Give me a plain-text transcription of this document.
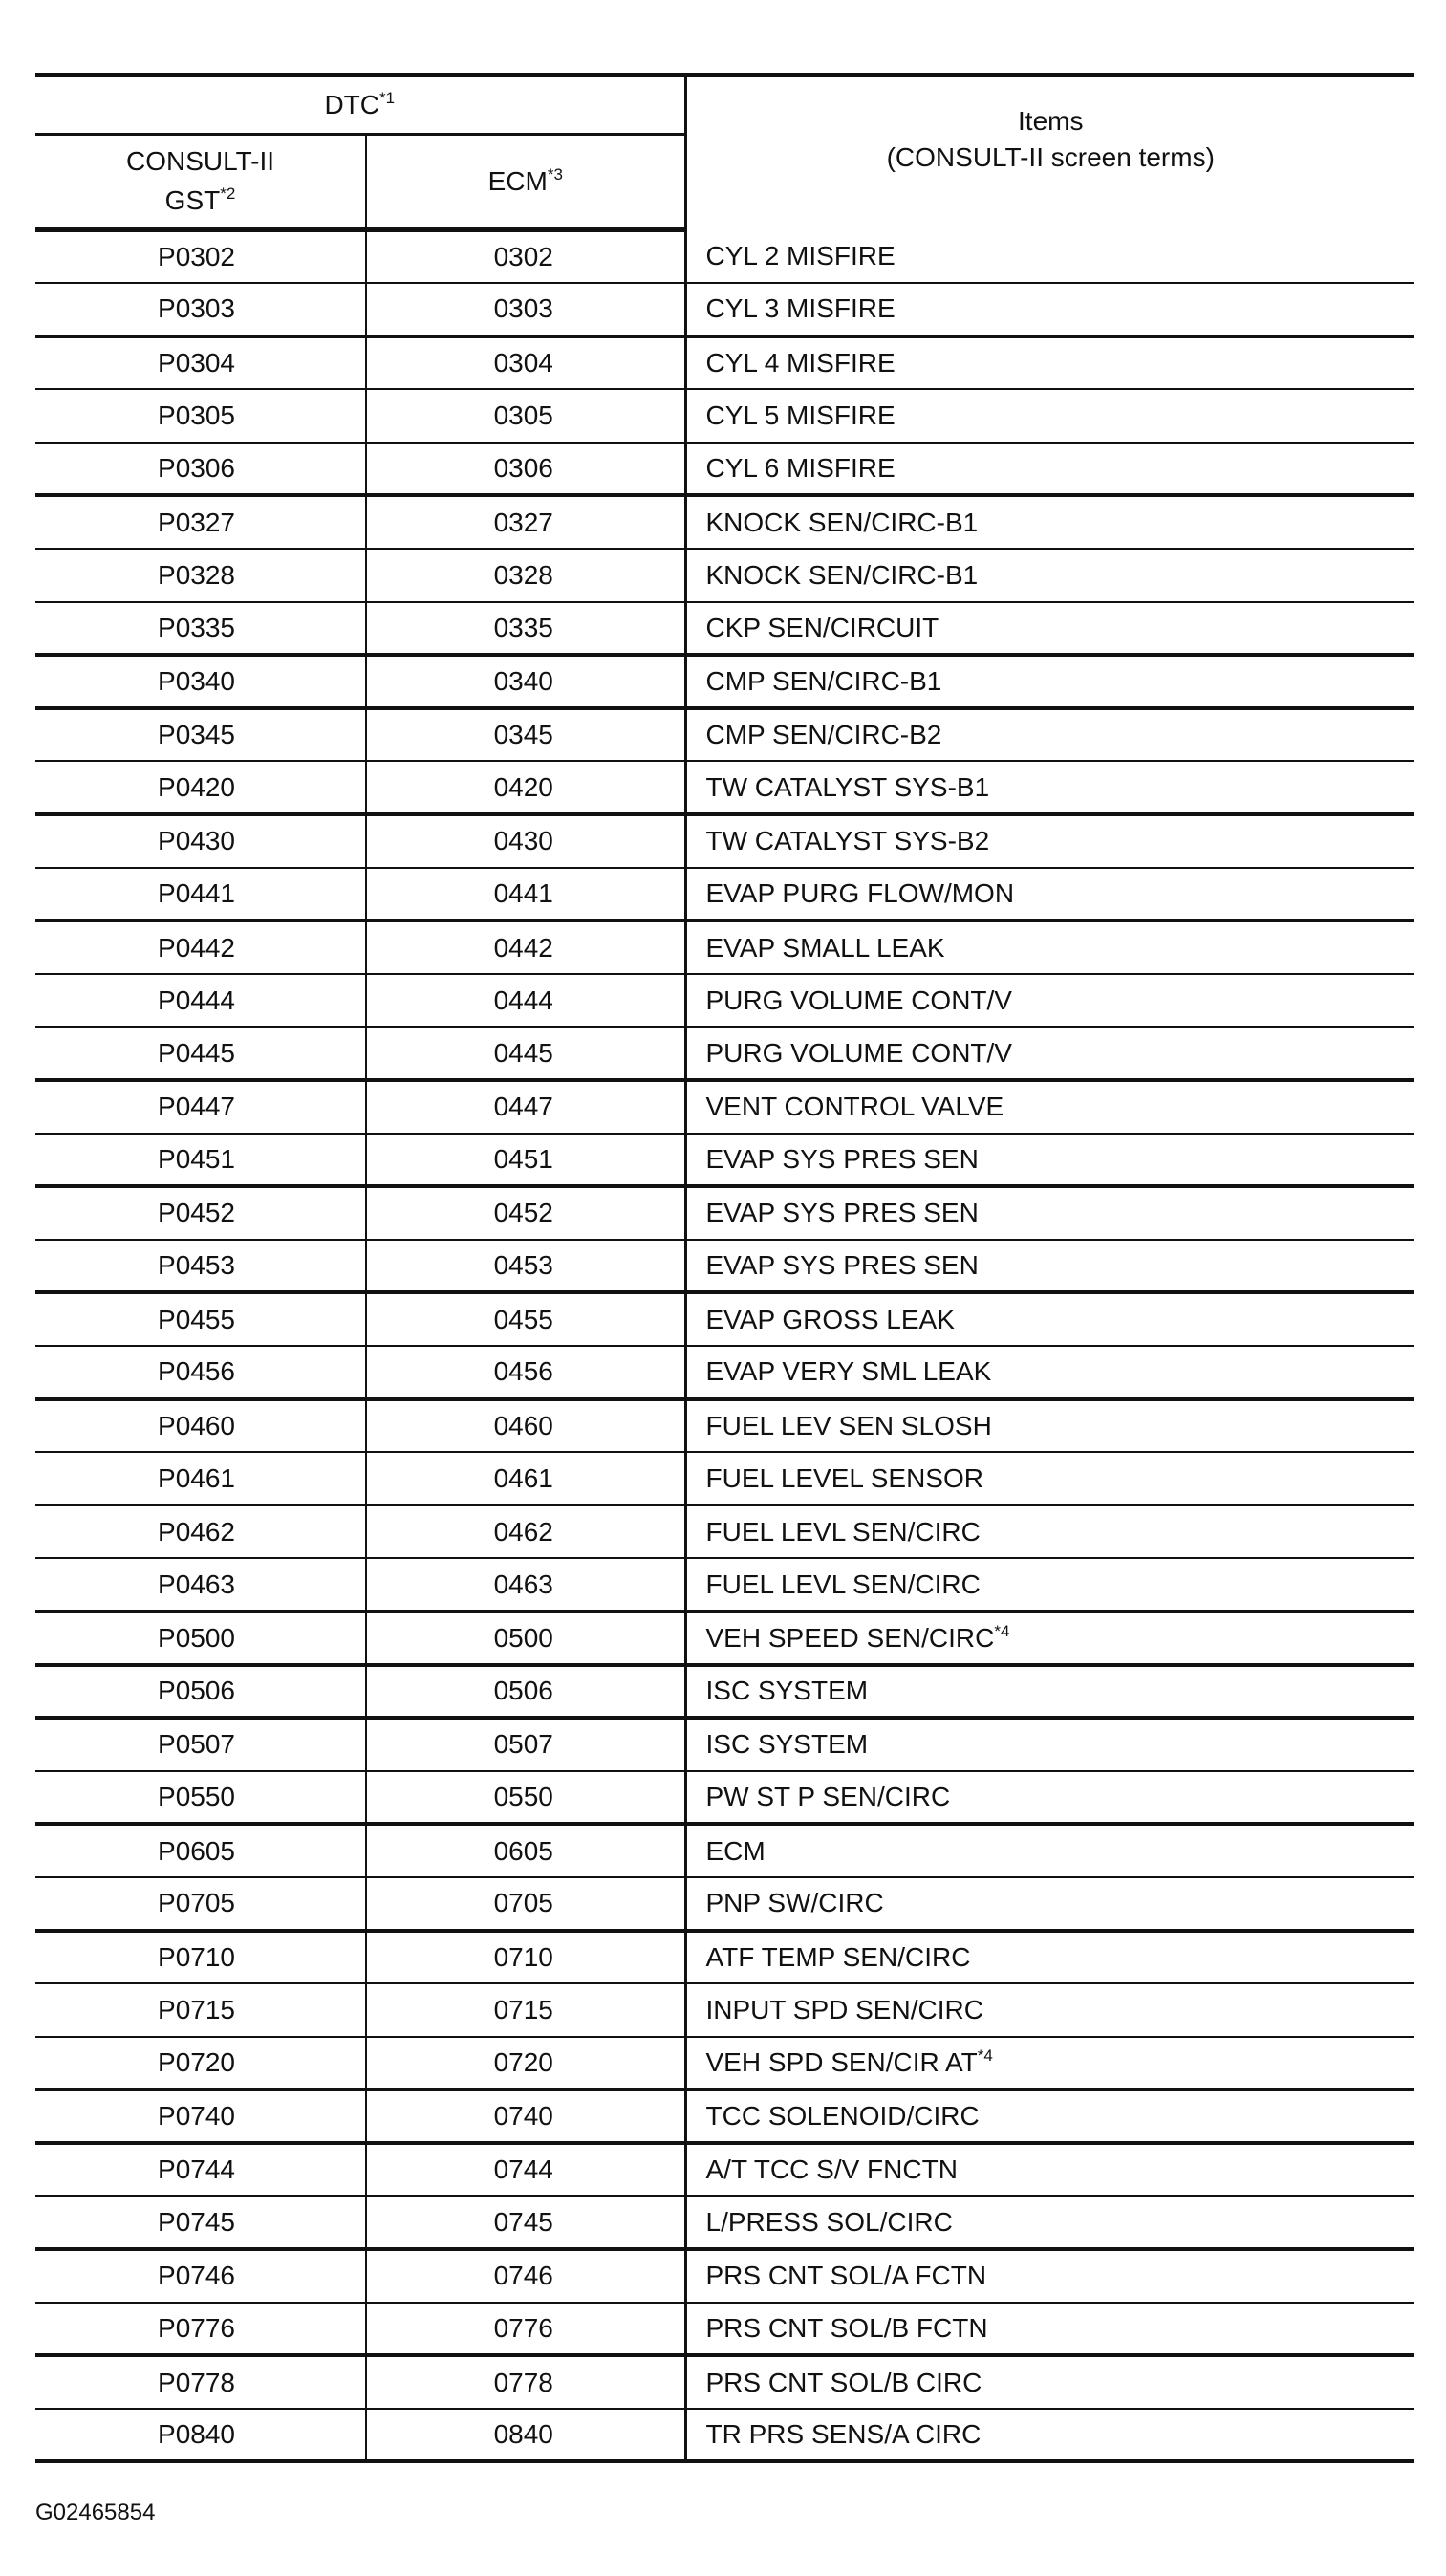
DTC$^{*1}$		Items
(CONSULT-II screen terms)

CONSULT-II
GST$^{*2}$	ECM$^{*3}$
P0302	0302	CYL 2 MISFIRE
P0303	0303	CYL 3 MISFIRE
P0304	0304	CYL 4 MISFIRE
P0305	0305	CYL 5 MISFIRE
P0306	0306	CYL 6 MISFIRE
P0327	0327	KNOCK SEN/CIRC-B1
P0328	0328	KNOCK SEN/CIRC-B1
P0335	0335	CKP SEN/CIRCUIT
P0340	0340	CMP SEN/CIRC-B1
P0345	0345	CMP SEN/CIRC-B2
P0420	0420	TW CATALYST SYS-B1
P0430	0430	TW CATALYST SYS-B2
P0441	0441	EVAP PURG FLOW/MON
P0442	0442	EVAP SMALL LEAK
P0444	0444	PURG VOLUME CONT/V
P0445	0445	PURG VOLUME CONT/V
P0447	0447	VENT CONTROL VALVE
P0451	0451	EVAP SYS PRES SEN
P0452	0452	EVAP SYS PRES SEN
P0453	0453	EVAP SYS PRES SEN
P0455	0455	EVAP GROSS LEAK
P0456	0456	EVAP VERY SML LEAK
P0460	0460	FUEL LEV SEN SLOSH
P0461	0461	FUEL LEVEL SENSOR
P0462	0462	FUEL LEVL SEN/CIRC
P0463	0463	FUEL LEVL SEN/CIRC
P0500	0500	VEH SPEED SEN/CIRC$^{*4}$
P0506	0506	ISC SYSTEM
P0507	0507	ISC SYSTEM
P0550	0550	PW ST P SEN/CIRC
P0605	0605	ECM
P0705	0705	PNP SW/CIRC
P0710	0710	ATF TEMP SEN/CIRC
P0715	0715	INPUT SPD SEN/CIRC
P0720	0720	VEH SPD SEN/CIR AT$^{*4}$
P0740	0740	TCC SOLENOID/CIRC
P0744	0744	A/T TCC S/V FNCTN
P0745	0745	L/PRESS SOL/CIRC
P0746	0746	PRS CNT SOL/A FCTN
P0776	0776	PRS CNT SOL/B FCTN
P0778	0778	PRS CNT SOL/B CIRC
P0840	0840	TR PRS SENS/A CIRC
G02465854
